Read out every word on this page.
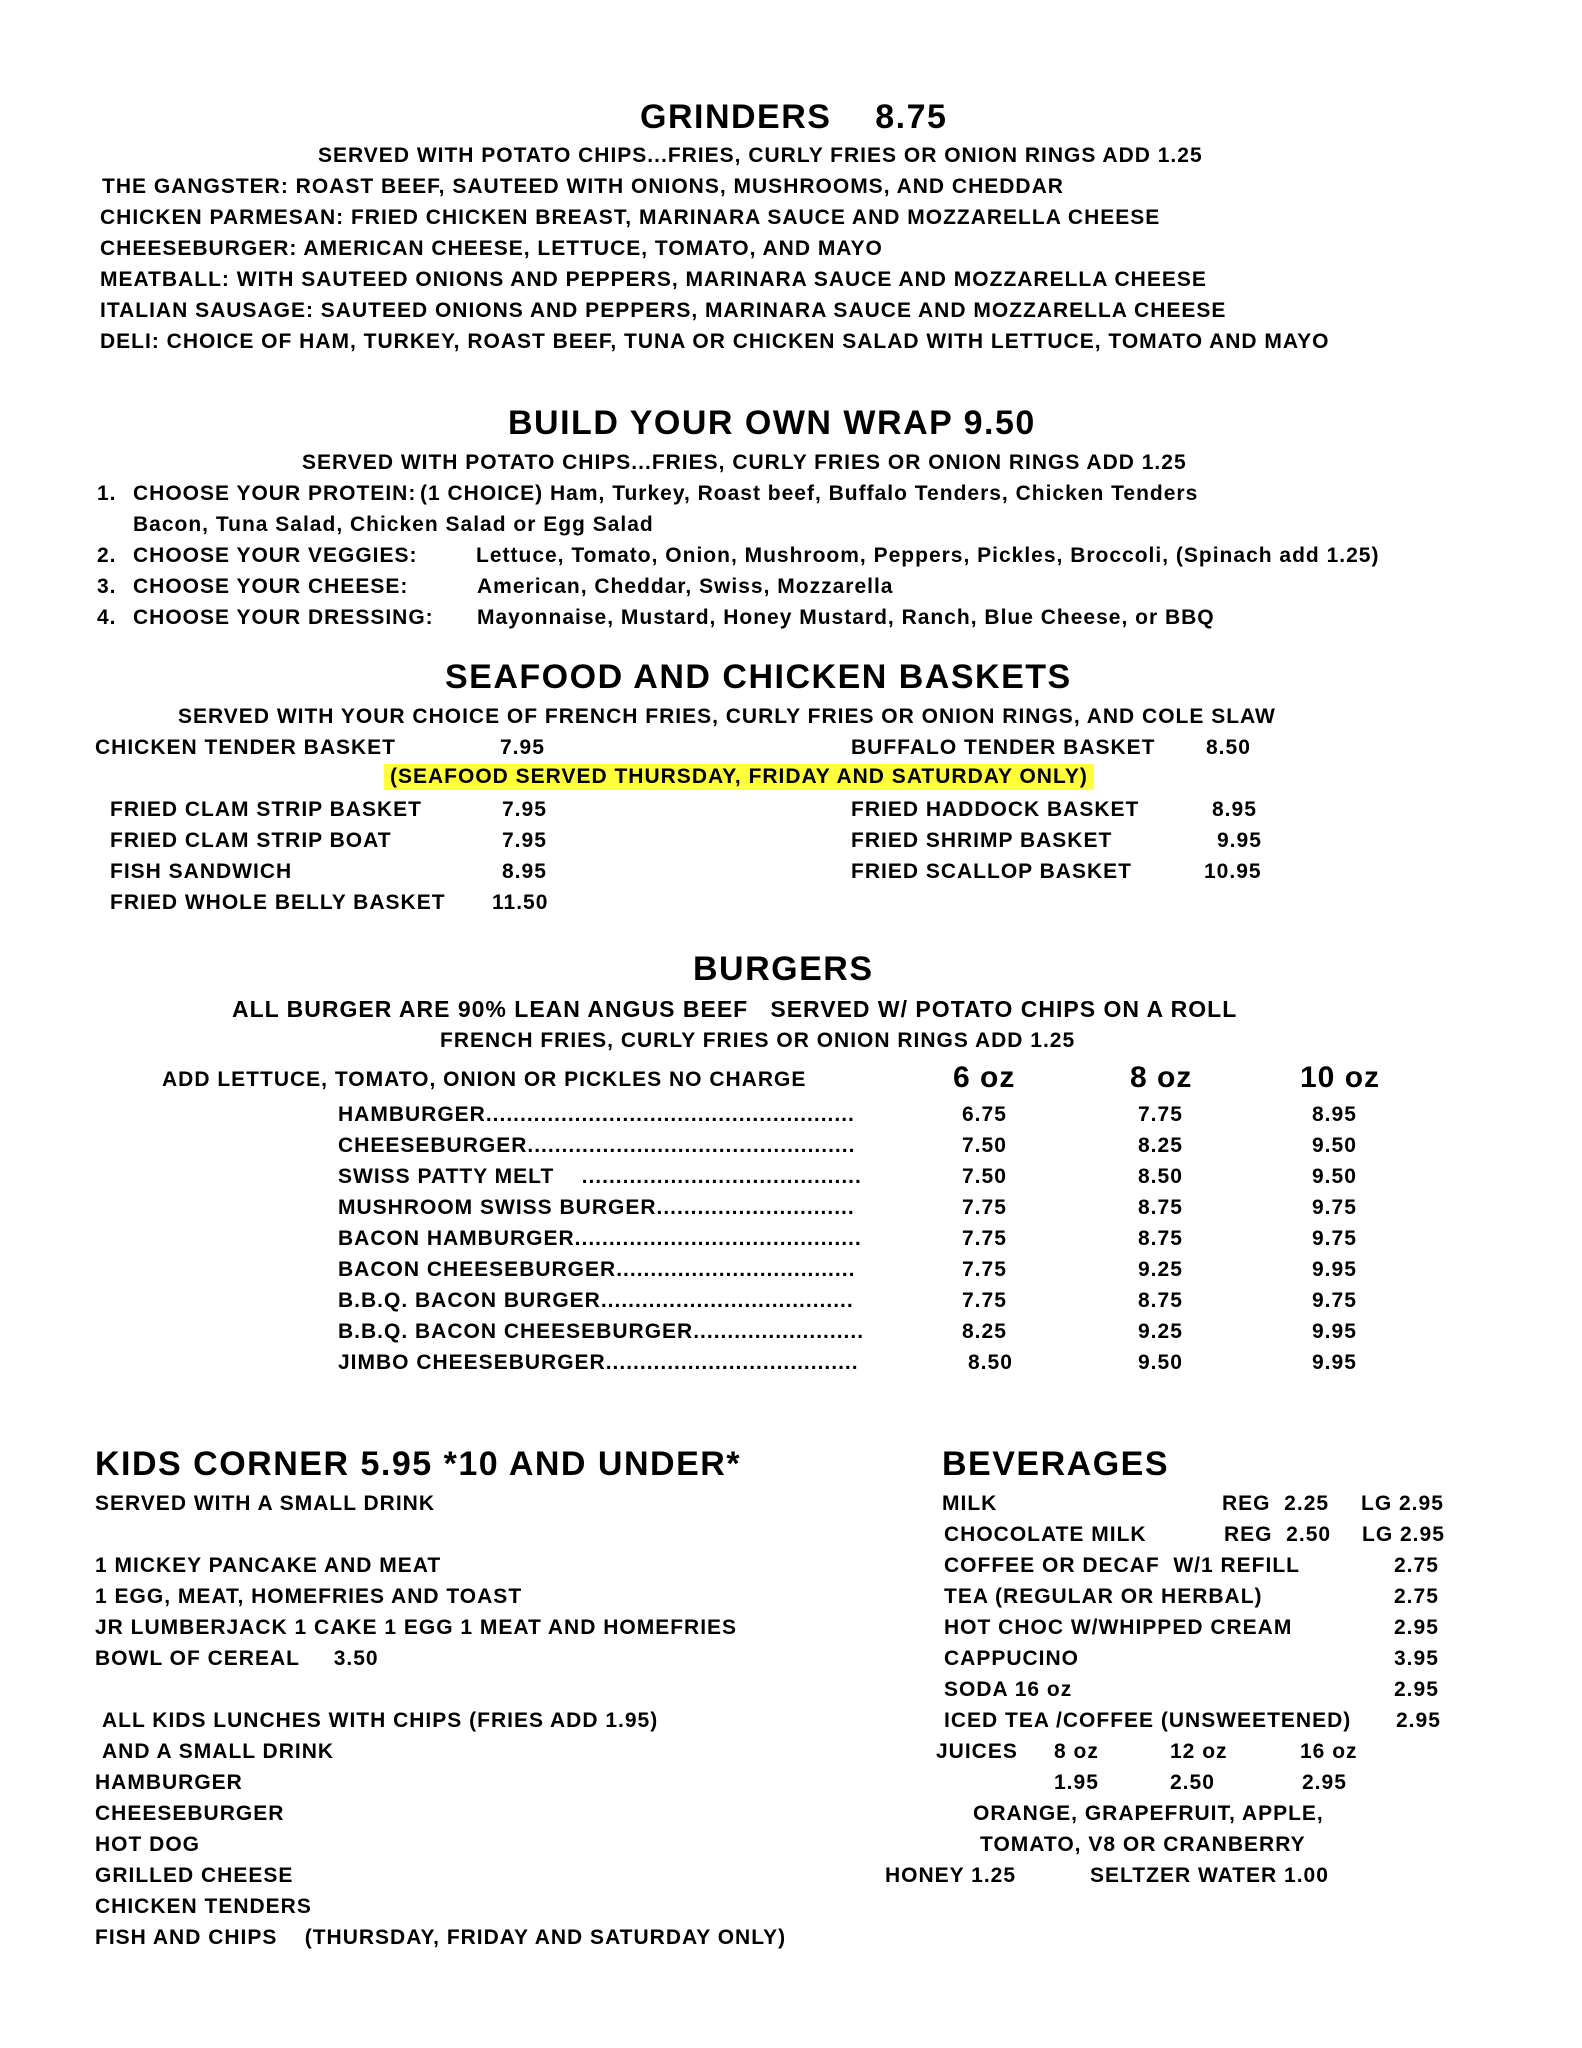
GRINDERS    8.75
SERVED WITH POTATO CHIPS...FRIES, CURLY FRIES OR ONION RINGS ADD 1.25
THE GANGSTER: ROAST BEEF, SAUTEED WITH ONIONS, MUSHROOMS, AND CHEDDAR
CHICKEN PARMESAN: FRIED CHICKEN BREAST, MARINARA SAUCE AND MOZZARELLA CHEESE
CHEESEBURGER: AMERICAN CHEESE, LETTUCE, TOMATO, AND MAYO
MEATBALL: WITH SAUTEED ONIONS AND PEPPERS, MARINARA SAUCE AND MOZZARELLA CHEESE
ITALIAN SAUSAGE: SAUTEED ONIONS AND PEPPERS, MARINARA SAUCE AND MOZZARELLA CHEESE
DELI: CHOICE OF HAM, TURKEY, ROAST BEEF, TUNA OR CHICKEN SALAD WITH LETTUCE, TOMATO AND MAYO
BUILD YOUR OWN WRAP 9.50
SERVED WITH POTATO CHIPS...FRIES, CURLY FRIES OR ONION RINGS ADD 1.25
1. CHOOSE YOUR PROTEIN: (1 CHOICE) Ham, Turkey, Roast beef, Buffalo Tenders, Chicken Tenders
Bacon, Tuna Salad, Chicken Salad or Egg Salad
2. CHOOSE YOUR VEGGIES:	Lettuce, Tomato, Onion, Mushroom, Peppers, Pickles, Broccoli, (Spinach add 1.25)
3. CHOOSE YOUR CHEESE:	American, Cheddar, Swiss, Mozzarella
4. CHOOSE YOUR DRESSING: Mayonnaise, Mustard, Honey Mustard, Ranch, Blue Cheese, or BBQ
SEAFOOD AND CHICKEN BASKETS
SERVED WITH YOUR CHOICE OF FRENCH FRIES, CURLY FRIES OR ONION RINGS, AND COLE SLAW
CHICKEN TENDER BASKET	7.95	BUFFALO TENDER BASKET 8.50
(SEAFOOD SERVED THURSDAY, FRIDAY AND SATURDAY ONLY)
FRIED CLAM STRIP BASKET	7.95
FRIED CLAM STRIP BOAT	7.95
FISH SANDWICH	8.95
FRIED WHOLE BELLY BASKET 11.50
FRIED HADDOCK BASKET	8.95
FRIED SHRIMP BASKET	9.95
FRIED SCALLOP BASKET	10.95
BURGERS
ALL BURGER ARE 90% LEAN ANGUS BEEF   SERVED W/ POTATO CHIPS ON A ROLL
FRENCH FRIES, CURLY FRIES OR ONION RINGS ADD 1.25
ADD LETTUCE, TOMATO, ONION OR PICKLES NO CHARGE	6 oz	8 oz	10 oz
HAMBURGER......................................................	6.75	7.75	8.95
CHEESEBURGER................................................	7.50	8.25	9.50
SWISS PATTY MELT    .........................................	7.50	8.50	9.50
MUSHROOM SWISS BURGER.............................	7.75	8.75	9.75
BACON HAMBURGER..........................................	7.75	8.75	9.75
BACON CHEESEBURGER...................................	7.75	9.25	9.95
B.B.Q. BACON BURGER.....................................	7.75	8.75	9.75
B.B.Q. BACON CHEESEBURGER.........................	8.25	9.25	9.95
JIMBO CHEESEBURGER.....................................	8.50	9.50	9.95
KIDS CORNER 5.95 *10 AND UNDER*
SERVED WITH A SMALL DRINK
1 MICKEY PANCAKE AND MEAT
1 EGG, MEAT, HOMEFRIES AND TOAST
JR LUMBERJACK 1 CAKE 1 EGG 1 MEAT AND HOMEFRIES
BOWL OF CEREAL     3.50
ALL KIDS LUNCHES WITH CHIPS (FRIES ADD 1.95)
AND A SMALL DRINK
HAMBURGER
CHEESEBURGER
HOT DOG
GRILLED CHEESE
CHICKEN TENDERS
FISH AND CHIPS    (THURSDAY, FRIDAY AND SATURDAY ONLY)
BEVERAGES
MILK	REG  2.25 LG 2.95
CHOCOLATE MILK	REG  2.50 LG 2.95
COFFEE OR DECAF  W/1 REFILL	2.75
TEA (REGULAR OR HERBAL)	2.75
HOT CHOC W/WHIPPED CREAM	2.95
CAPPUCINO	3.95
SODA 16 oz	2.95
ICED TEA /COFFEE (UNSWEETENED) 2.95
JUICES 8 oz	12 oz	16 oz
1.95	2.50	2.95
ORANGE, GRAPEFRUIT, APPLE,
TOMATO, V8 OR CRANBERRY
HONEY 1.25	SELTZER WATER 1.00
